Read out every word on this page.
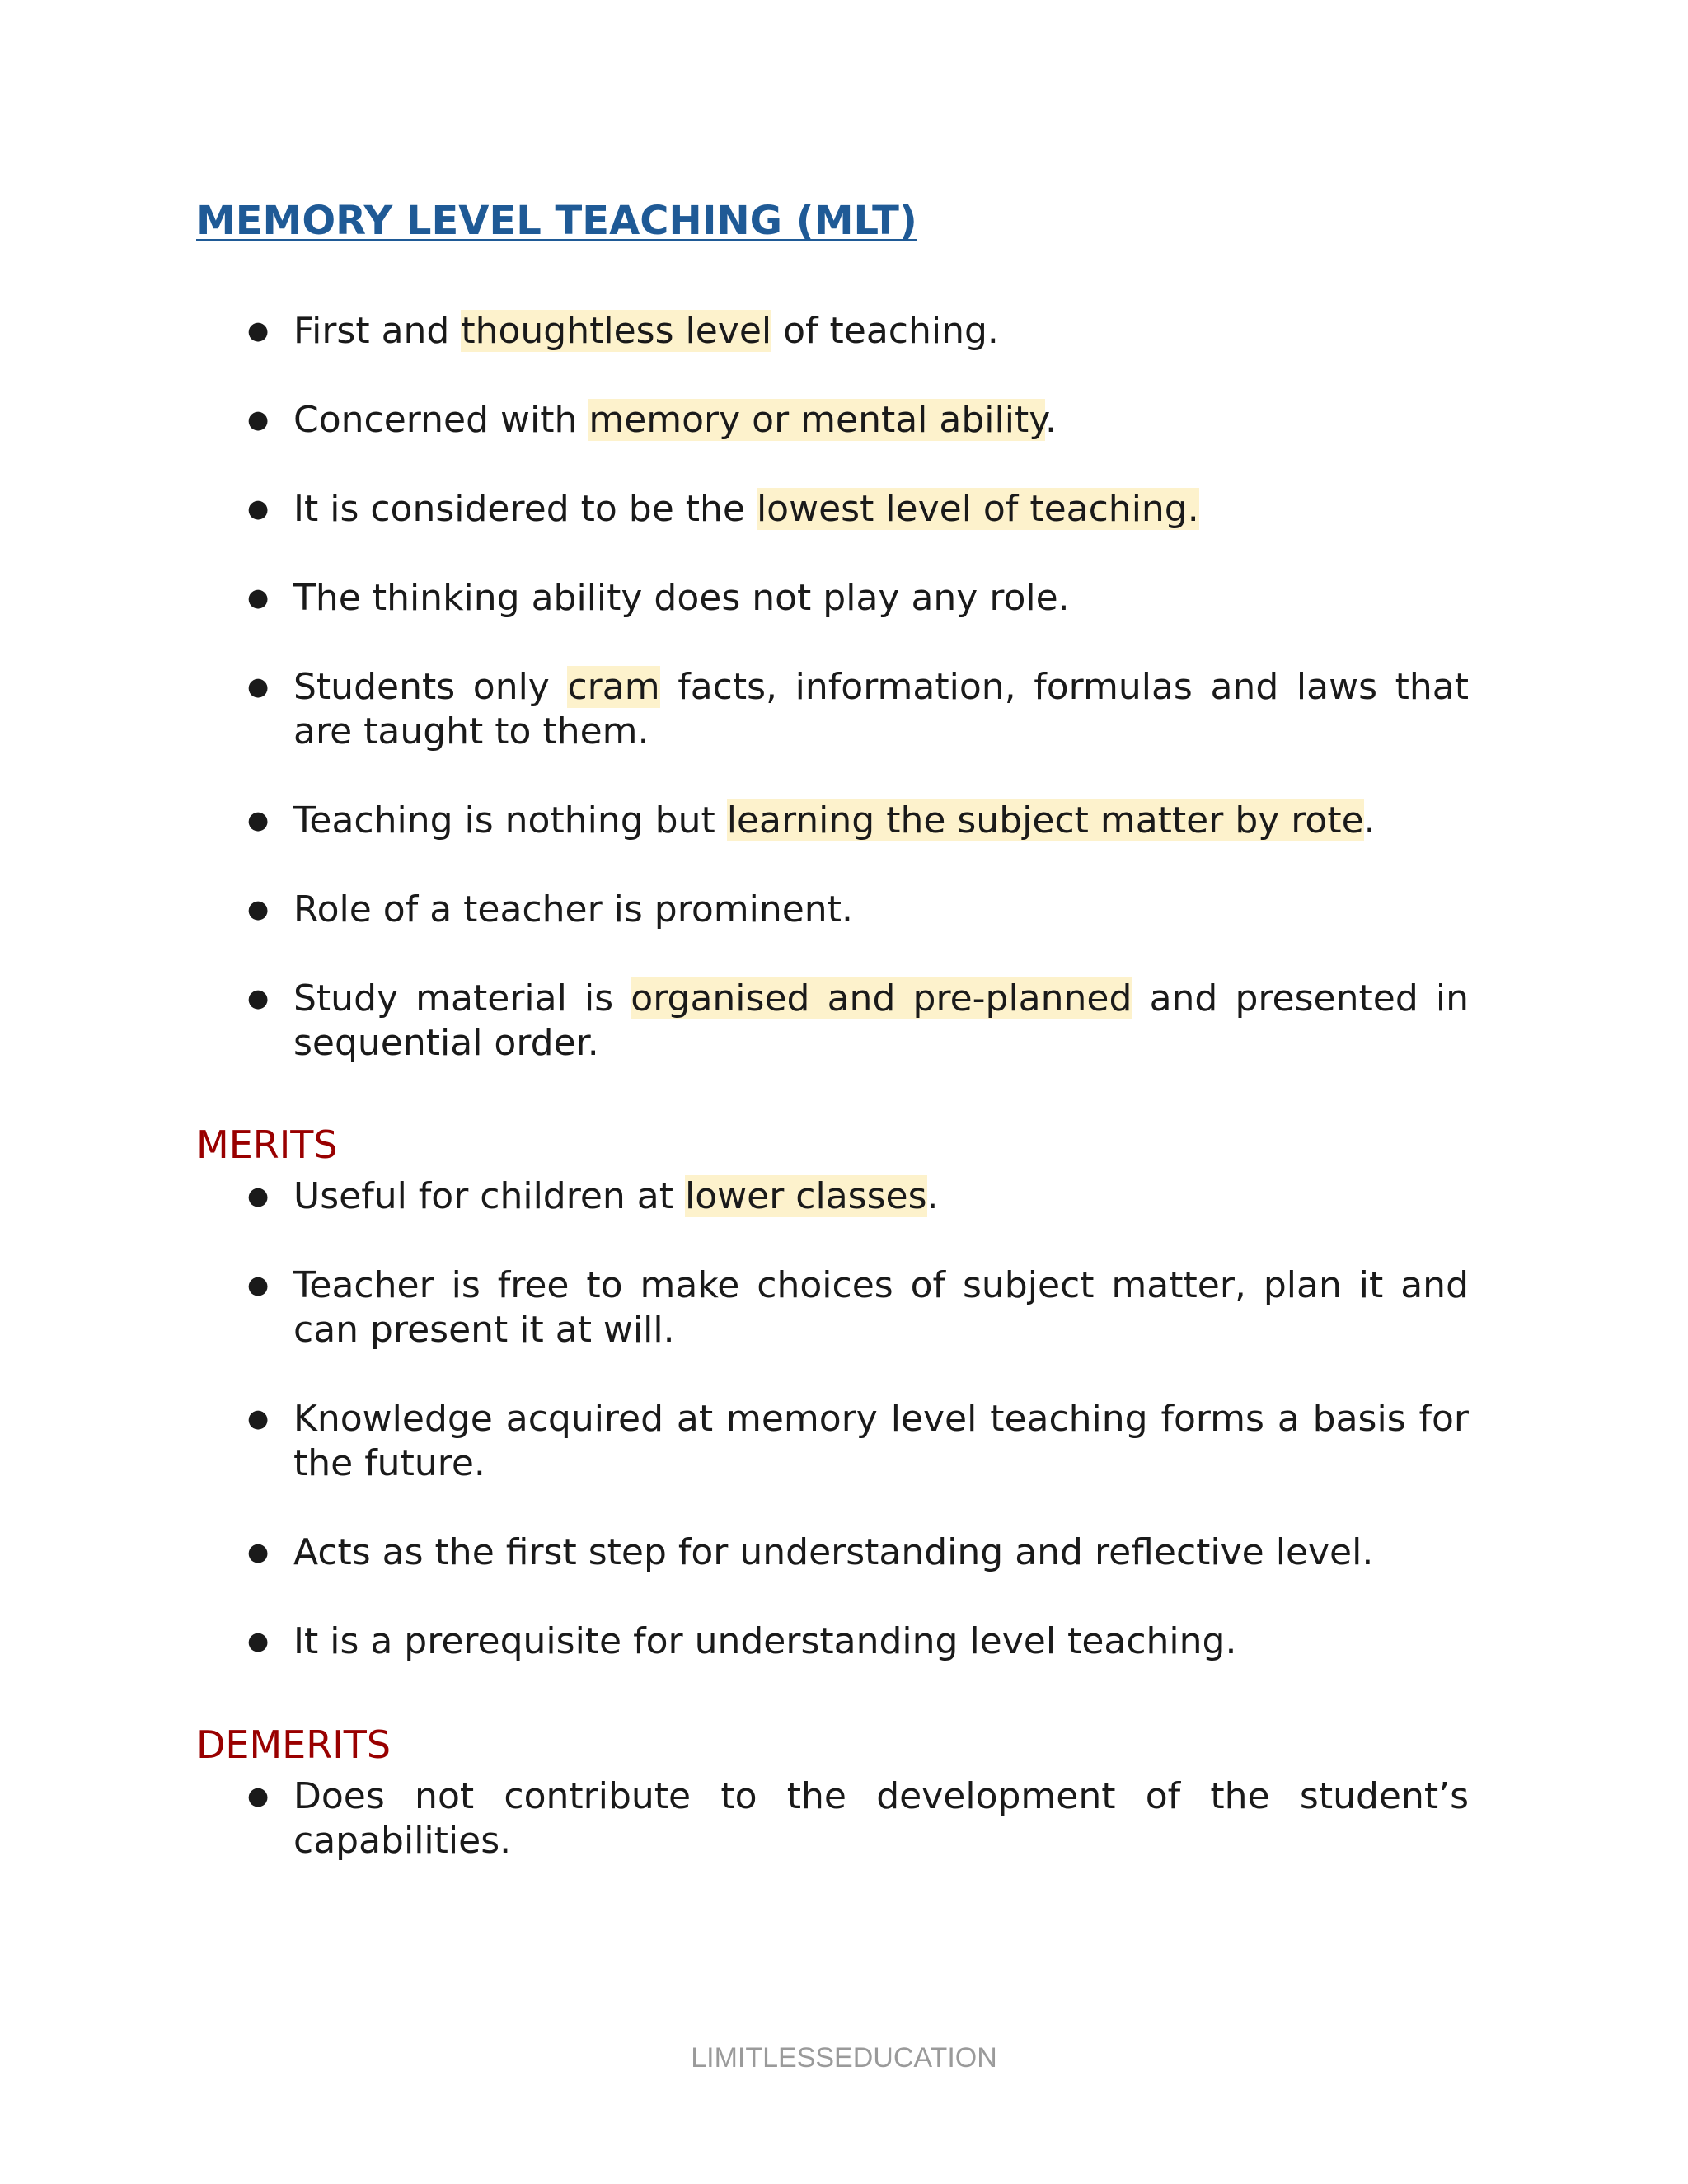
MEMORY LEVEL TEACHING (MLT)
● First and thoughtless level of teaching.
● Concerned with memory or mental ability.
● It is considered to be the lowest level of teaching.
● The thinking ability does not play any role.
● Students only cram facts, information, formulas and laws that are taught to them.
● Teaching is nothing but learning the subject matter by rote.
● Role of a teacher is prominent.
● Study material is organised and pre-planned and presented in sequential order.
MERITS
● Useful for children at lower classes.
● Teacher is free to make choices of subject matter, plan it and can present it at will.
● Knowledge acquired at memory level teaching forms a basis for the future.
● Acts as the first step for understanding and reflective level.
● It is a prerequisite for understanding level teaching.
DEMERITS
● Does not contribute to the development of the student’s capabilities.
LIMITLESSEDUCATION
